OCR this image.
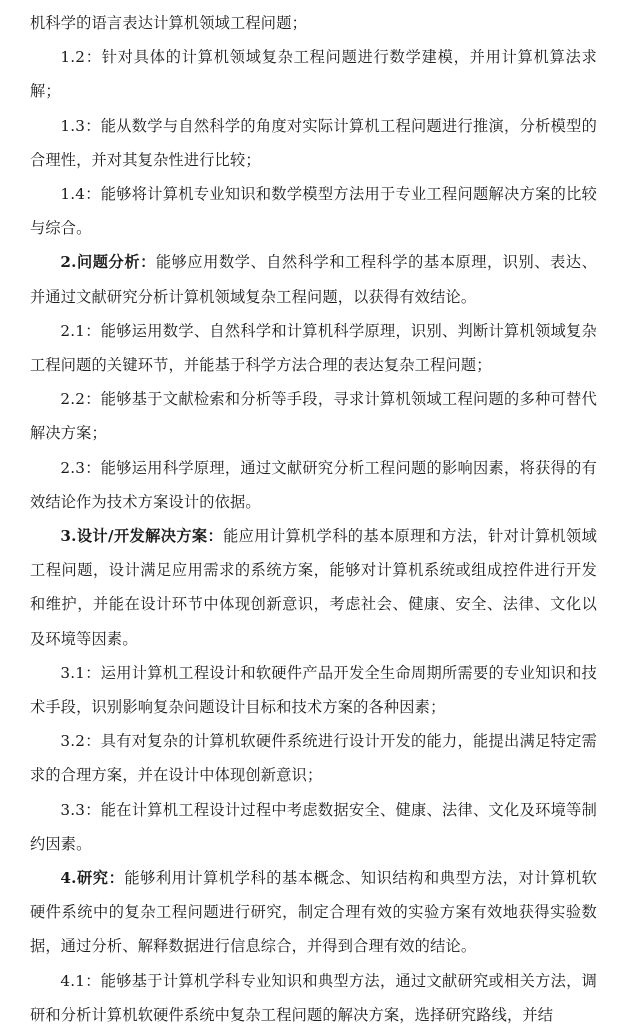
机科学的语言表达计算机领域工程问题；

1.2：针对具体的计算机领域复杂工程问题进行数学建模，并用计算机算法求解；

1.3：能从数学与自然科学的角度对实际计算机工程问题进行推演，分析模型的合理性，并对其复杂性进行比较；

1.4：能够将计算机专业知识和数学模型方法用于专业工程问题解决方案的比较与综合。

2.问题分析：能够应用数学、自然科学和工程科学的基本原理，识别、表达、并通过文献研究分析计算机领域复杂工程问题，以获得有效结论。

2.1：能够运用数学、自然科学和计算机科学原理，识别、判断计算机领域复杂工程问题的关键环节，并能基于科学方法合理的表达复杂工程问题；

2.2：能够基于文献检索和分析等手段，寻求计算机领域工程问题的多种可替代解决方案；

2.3：能够运用科学原理，通过文献研究分析工程问题的影响因素，将获得的有效结论作为技术方案设计的依据。

3.设计/开发解决方案：能应用计算机学科的基本原理和方法，针对计算机领域工程问题，设计满足应用需求的系统方案，能够对计算机系统或组成控件进行开发和维护，并能在设计环节中体现创新意识，考虑社会、健康、安全、法律、文化以及环境等因素。

3.1：运用计算机工程设计和软硬件产品开发全生命周期所需要的专业知识和技术手段，识别影响复杂问题设计目标和技术方案的各种因素；

3.2：具有对复杂的计算机软硬件系统进行设计开发的能力，能提出满足特定需求的合理方案，并在设计中体现创新意识；

3.3：能在计算机工程设计过程中考虑数据安全、健康、法律、文化及环境等制约因素。

4.研究：能够利用计算机学科的基本概念、知识结构和典型方法，对计算机软硬件系统中的复杂工程问题进行研究，制定合理有效的实验方案有效地获得实验数据，通过分析、解释数据进行信息综合，并得到合理有效的结论。

4.1：能够基于计算机学科专业知识和典型方法，通过文献研究或相关方法，调研和分析计算机软硬件系统中复杂工程问题的解决方案，选择研究路线，并结
